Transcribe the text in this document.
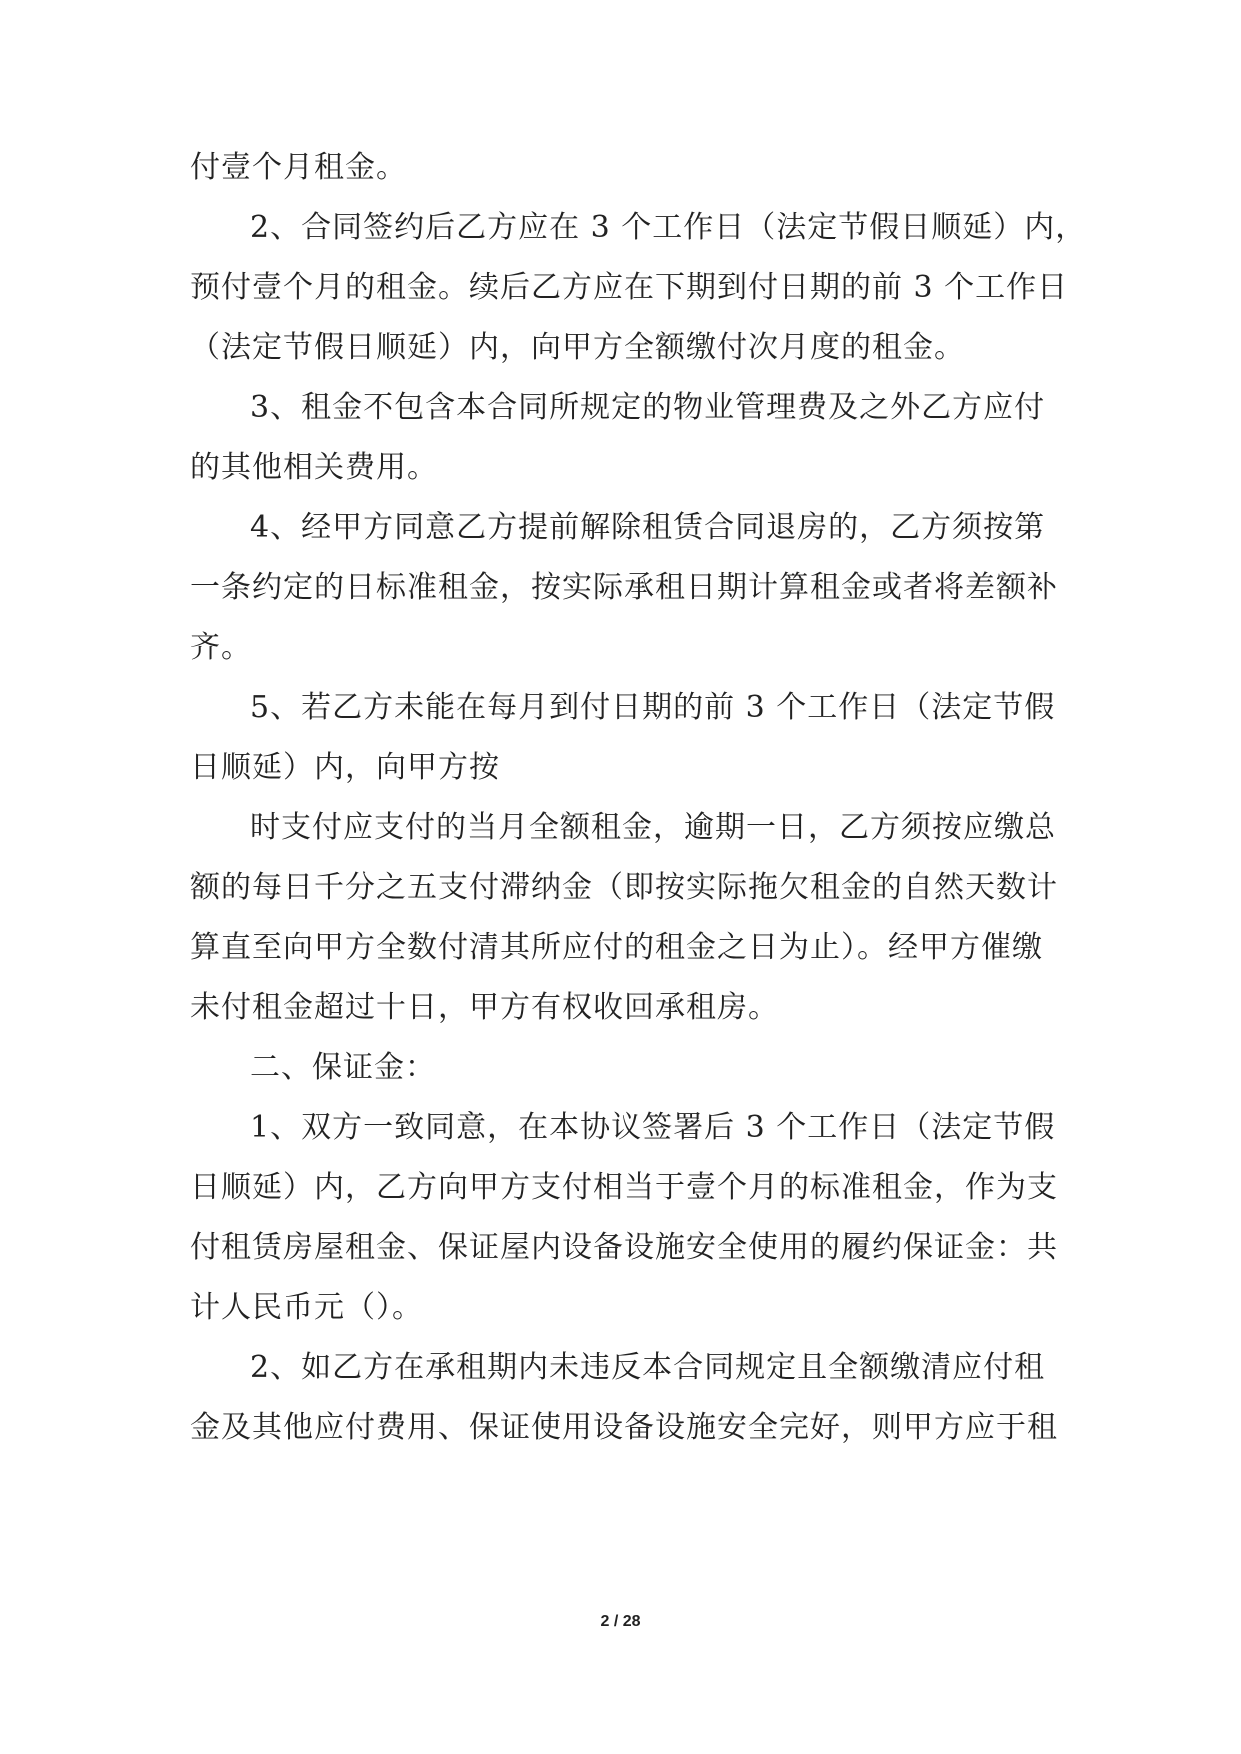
付壹个月租金。
2、合同签约后乙方应在 3 个工作日（法定节假日顺延）内，
预付壹个月的租金。续后乙方应在下期到付日期的前 3 个工作日
（法定节假日顺延）内，向甲方全额缴付次月度的租金。
3、租金不包含本合同所规定的物业管理费及之外乙方应付
的其他相关费用。
4、经甲方同意乙方提前解除租赁合同退房的，乙方须按第
一条约定的日标准租金，按实际承租日期计算租金或者将差额补
齐。
5、若乙方未能在每月到付日期的前 3 个工作日（法定节假
日顺延）内，向甲方按
时支付应支付的当月全额租金，逾期一日，乙方须按应缴总
额的每日千分之五支付滞纳金（即按实际拖欠租金的自然天数计
算直至向甲方全数付清其所应付的租金之日为止）。经甲方催缴
未付租金超过十日，甲方有权收回承租房。
二、保证金：
1、双方一致同意，在本协议签署后 3 个工作日（法定节假
日顺延）内，乙方向甲方支付相当于壹个月的标准租金，作为支
付租赁房屋租金、保证屋内设备设施安全使用的履约保证金：共
计人民币元（）。
2、如乙方在承租期内未违反本合同规定且全额缴清应付租
金及其他应付费用、保证使用设备设施安全完好，则甲方应于租
2 / 28
